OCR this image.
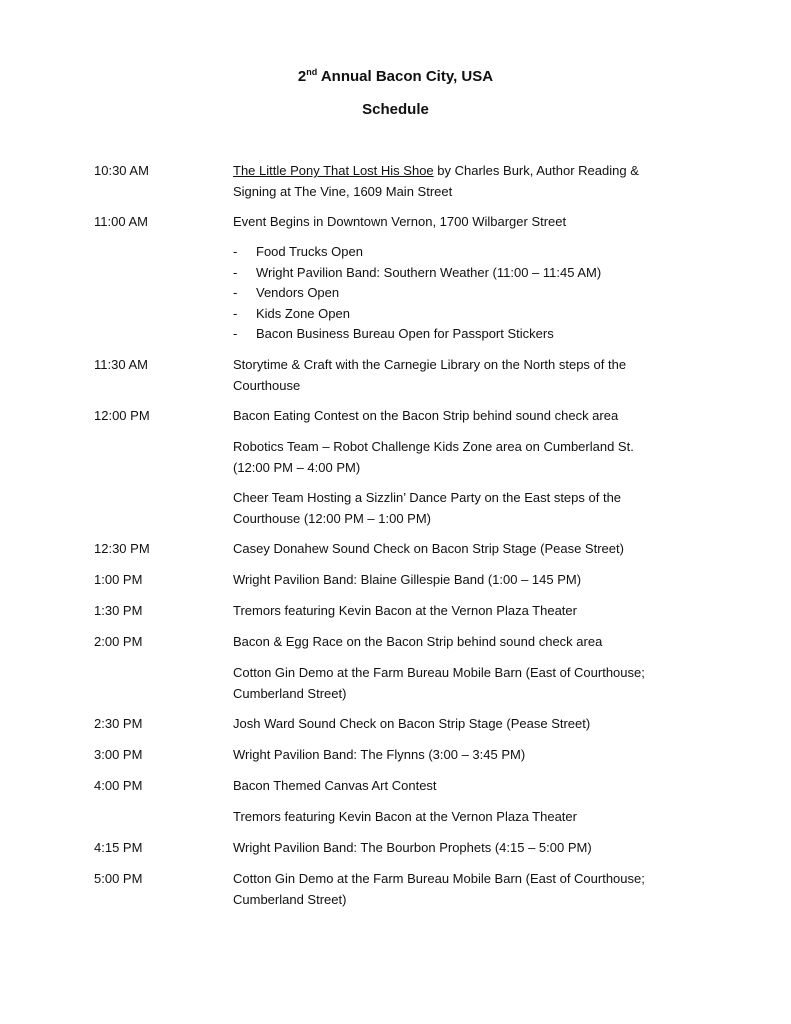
2nd Annual Bacon City, USA
Schedule
10:30 AM	The Little Pony That Lost His Shoe by Charles Burk, Author Reading &
Signing at The Vine, 1609 Main Street
11:00 AM	Event Begins in Downtown Vernon, 1700 Wilbarger Street
- Food Trucks Open
- Wright Pavilion Band: Southern Weather (11:00 – 11:45 AM)
- Vendors Open
- Kids Zone Open
- Bacon Business Bureau Open for Passport Stickers
11:30 AM	Storytime & Craft with the Carnegie Library on the North steps of the
Courthouse
12:00 PM	Bacon Eating Contest on the Bacon Strip behind sound check area
Robotics Team – Robot Challenge Kids Zone area on Cumberland St.
(12:00 PM – 4:00 PM)
Cheer Team Hosting a Sizzlin’ Dance Party on the East steps of the
Courthouse (12:00 PM – 1:00 PM)
12:30 PM	Casey Donahew Sound Check on Bacon Strip Stage (Pease Street)
1:00 PM	Wright Pavilion Band: Blaine Gillespie Band (1:00 – 145 PM)
1:30 PM	Tremors featuring Kevin Bacon at the Vernon Plaza Theater
2:00 PM	Bacon & Egg Race on the Bacon Strip behind sound check area
Cotton Gin Demo at the Farm Bureau Mobile Barn (East of Courthouse;
Cumberland Street)
2:30 PM	Josh Ward Sound Check on Bacon Strip Stage (Pease Street)
3:00 PM	Wright Pavilion Band: The Flynns (3:00 – 3:45 PM)
4:00 PM	Bacon Themed Canvas Art Contest
Tremors featuring Kevin Bacon at the Vernon Plaza Theater
4:15 PM	Wright Pavilion Band: The Bourbon Prophets (4:15 – 5:00 PM)
5:00 PM	Cotton Gin Demo at the Farm Bureau Mobile Barn (East of Courthouse;
Cumberland Street)
